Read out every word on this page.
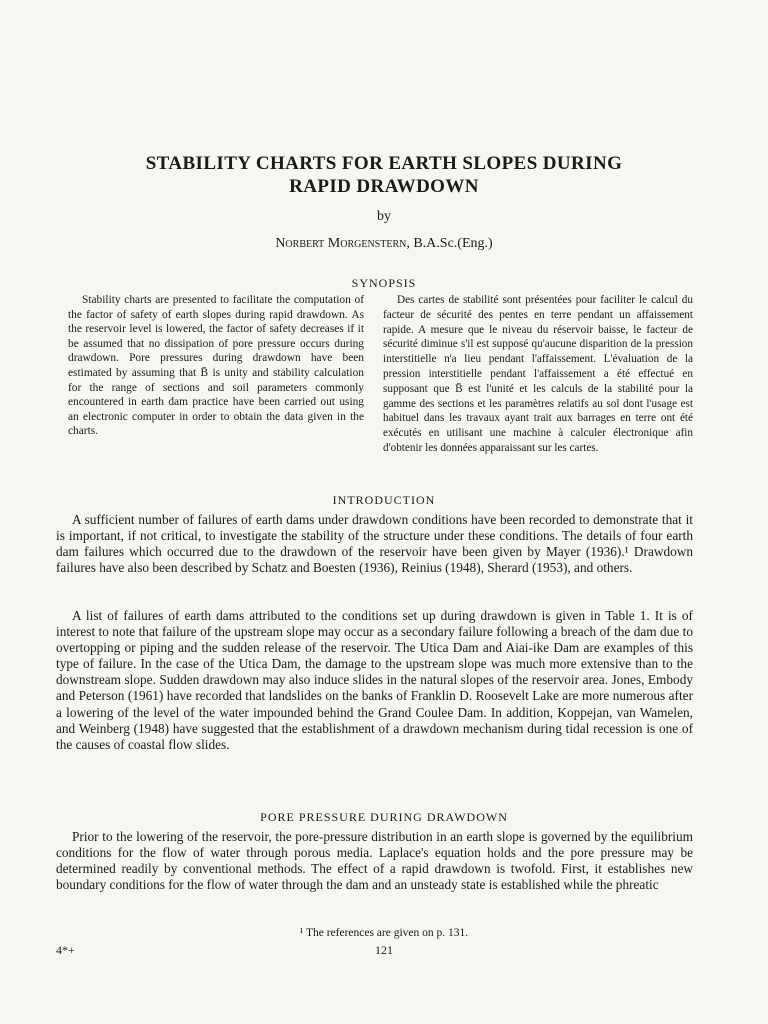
STABILITY CHARTS FOR EARTH SLOPES DURING
RAPID DRAWDOWN
by
Norbert Morgenstern, B.A.Sc.(Eng.)
SYNOPSIS
Stability charts are presented to facilitate the computation of the factor of safety of earth slopes during rapid drawdown. As the reservoir level is lowered, the factor of safety decreases if it be assumed that no dissipation of pore pressure occurs during drawdown. Pore pressures during drawdown have been estimated by assuming that B̄ is unity and stability calculation for the range of sections and soil parameters commonly encountered in earth dam practice have been carried out using an electronic computer in order to obtain the data given in the charts.
Des cartes de stabilité sont présentées pour faciliter le calcul du facteur de sécurité des pentes en terre pendant un affaissement rapide. A mesure que le niveau du réservoir baisse, le facteur de sécurité diminue s'il est supposé qu'aucune disparition de la pression interstitielle n'a lieu pendant l'affaissement. L'évaluation de la pression interstitielle pendant l'affaissement a été effectué en supposant que B̄ est l'unité et les calculs de la stabilité pour la gamme des sections et les paramètres relatifs au sol dont l'usage est habituel dans les travaux ayant trait aux barrages en terre ont été exécutés en utilisant une machine à calculer électronique afin d'obtenir les données apparaissant sur les cartes.
INTRODUCTION
A sufficient number of failures of earth dams under drawdown conditions have been recorded to demonstrate that it is important, if not critical, to investigate the stability of the structure under these conditions. The details of four earth dam failures which occurred due to the drawdown of the reservoir have been given by Mayer (1936).¹ Drawdown failures have also been described by Schatz and Boesten (1936), Reinius (1948), Sherard (1953), and others.
A list of failures of earth dams attributed to the conditions set up during drawdown is given in Table 1. It is of interest to note that failure of the upstream slope may occur as a secondary failure following a breach of the dam due to overtopping or piping and the sudden release of the reservoir. The Utica Dam and Aiai-ike Dam are examples of this type of failure. In the case of the Utica Dam, the damage to the upstream slope was much more extensive than to the downstream slope. Sudden drawdown may also induce slides in the natural slopes of the reservoir area. Jones, Embody and Peterson (1961) have recorded that landslides on the banks of Franklin D. Roosevelt Lake are more numerous after a lowering of the level of the water impounded behind the Grand Coulee Dam. In addition, Koppejan, van Wamelen, and Weinberg (1948) have suggested that the establishment of a drawdown mechanism during tidal recession is one of the causes of coastal flow slides.
PORE PRESSURE DURING DRAWDOWN
Prior to the lowering of the reservoir, the pore-pressure distribution in an earth slope is governed by the equilibrium conditions for the flow of water through porous media. Laplace's equation holds and the pore pressure may be determined readily by conventional methods. The effect of a rapid drawdown is twofold. First, it establishes new boundary conditions for the flow of water through the dam and an unsteady state is established while the phreatic
¹ The references are given on p. 131.
4*+	121
